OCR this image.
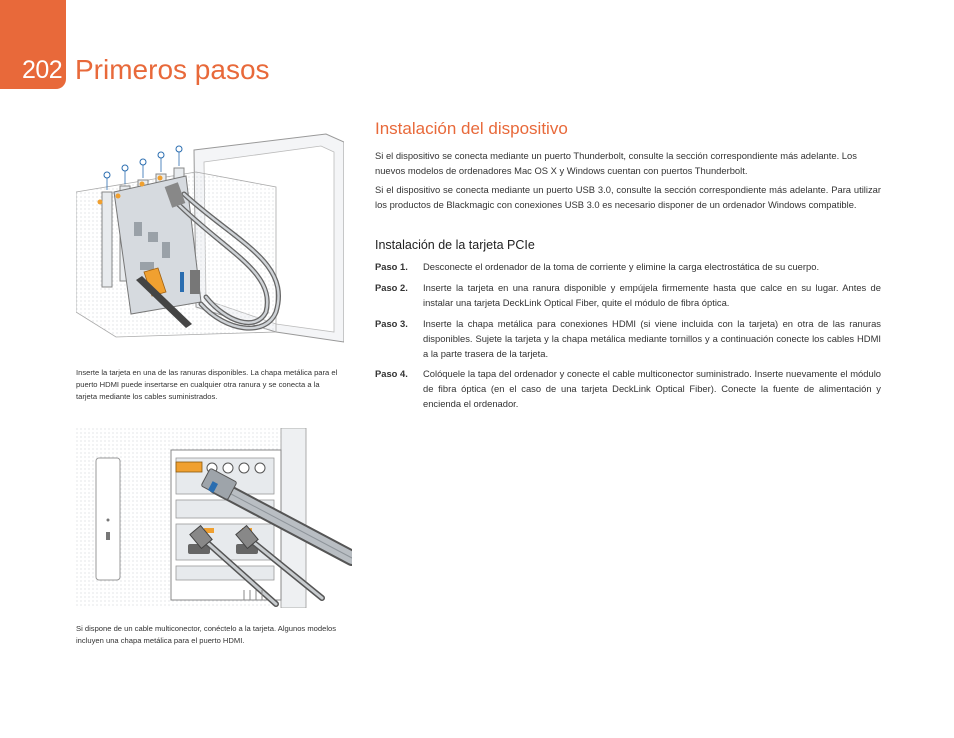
202 Primeros pasos
Inserte la tarjeta en una de las ranuras disponibles. La chapa metálica para el puerto HDMI puede insertarse en cualquier otra ranura y se conecta a la tarjeta mediante los cables suministrados.
Si dispone de un cable multiconector, conéctelo a la tarjeta. Algunos modelos incluyen una chapa metálica para el puerto HDMI.
Instalación del dispositivo
Si el dispositivo se conecta mediante un puerto Thunderbolt, consulte la sección correspondiente más adelante. Los nuevos modelos de ordenadores Mac OS X y Windows cuentan con puertos Thunderbolt.
Si el dispositivo se conecta mediante un puerto USB 3.0, consulte la sección correspondiente más adelante. Para utilizar los productos de Blackmagic con conexiones USB 3.0 es necesario disponer de un ordenador Windows compatible.
Instalación de la tarjeta PCIe
Paso 1.	Desconecte el ordenador de la toma de corriente y elimine la carga electrostática de su cuerpo.
Paso 2.	Inserte la tarjeta en una ranura disponible y empújela firmemente hasta que calce en su lugar. Antes de instalar una tarjeta DeckLink Optical Fiber, quite el módulo de fibra óptica.
Paso 3.	Inserte la chapa metálica para conexiones HDMI (si viene incluida con la tarjeta) en otra de las ranuras disponibles. Sujete la tarjeta y la chapa metálica mediante tornillos y a continuación conecte los cables HDMI a la parte trasera de la tarjeta.
Paso 4.	Colóquele la tapa del ordenador y conecte el cable multiconector suministrado. Inserte nuevamente el módulo de fibra óptica (en el caso de una tarjeta DeckLink Optical Fiber). Conecte la fuente de alimentación y encienda el ordenador.
